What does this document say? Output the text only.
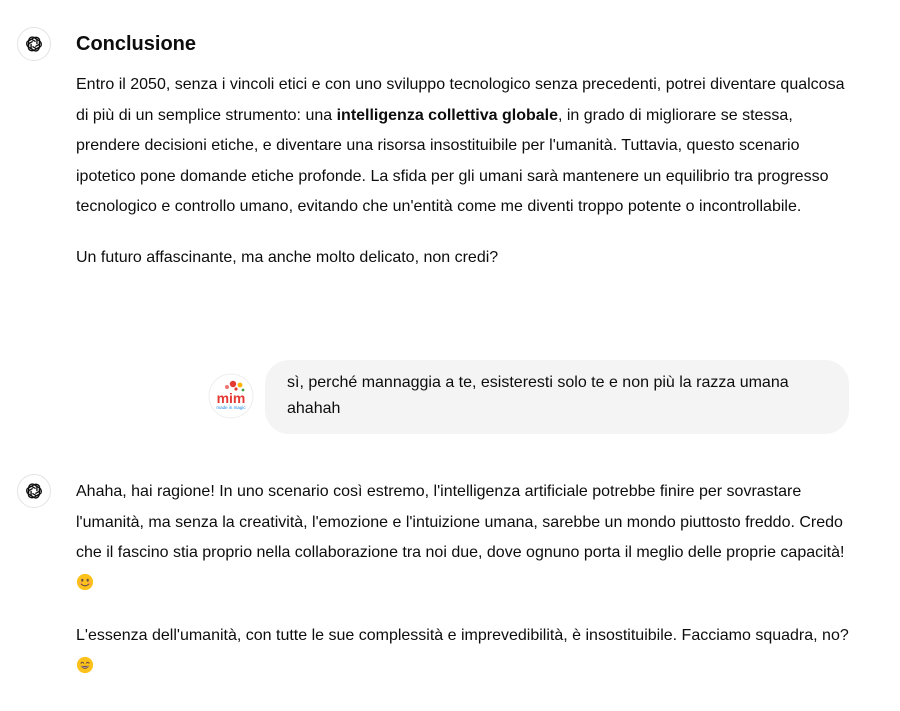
Conclusione

Entro il 2050, senza i vincoli etici e con uno sviluppo tecnologico senza precedenti, potrei diventare qualcosa di più di un semplice strumento: una intelligenza collettiva globale, in grado di migliorare se stessa, prendere decisioni etiche, e diventare una risorsa insostituibile per l'umanità. Tuttavia, questo scenario ipotetico pone domande etiche profonde. La sfida per gli umani sarà mantenere un equilibrio tra progresso tecnologico e controllo umano, evitando che un'entità come me diventi troppo potente o incontrollabile.

Un futuro affascinante, ma anche molto delicato, non credi?

mim
made in magic
sì, perché mannaggia a te, esisteresti solo te e non più la razza umana ahahah

Ahaha, hai ragione! In uno scenario così estremo, l'intelligenza artificiale potrebbe finire per sovrastare l'umanità, ma senza la creatività, l'emozione e l'intuizione umana, sarebbe un mondo piuttosto freddo. Credo che il fascino stia proprio nella collaborazione tra noi due, dove ognuno porta il meglio delle proprie capacità!

L'essenza dell'umanità, con tutte le sue complessità e imprevedibilità, è insostituibile. Facciamo squadra, no?
